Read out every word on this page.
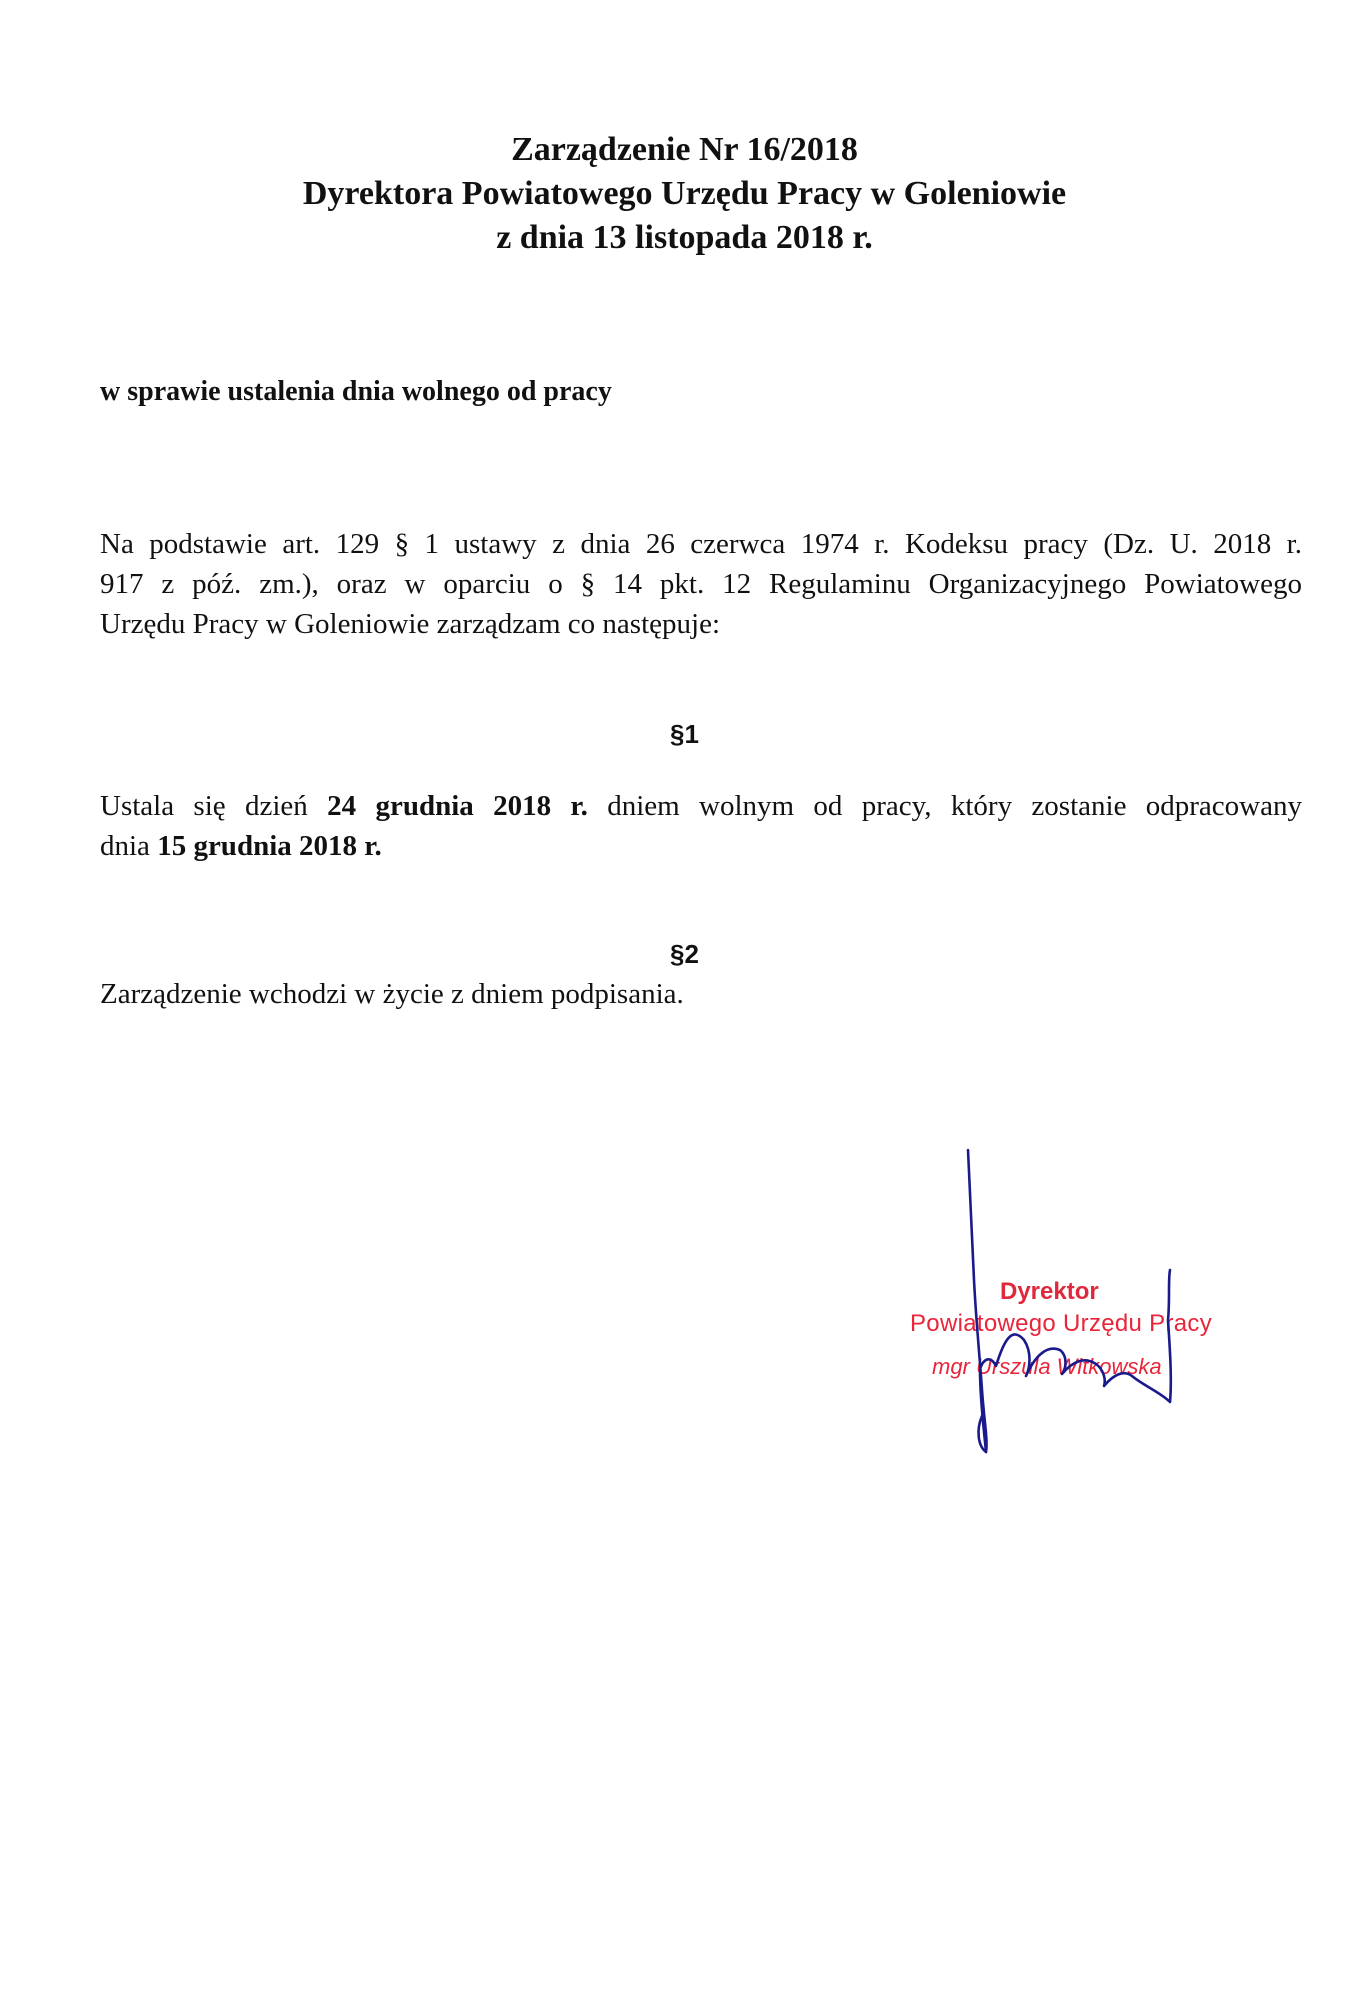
Zarządzenie Nr 16/2018
Dyrektora Powiatowego Urzędu Pracy w Goleniowie
z dnia 13 listopada 2018 r.
w sprawie ustalenia dnia wolnego od pracy
Na podstawie art. 129 § 1 ustawy z dnia 26 czerwca 1974 r. Kodeksu pracy (Dz. U. 2018 r.
917 z póź. zm.), oraz w oparciu o § 14 pkt. 12 Regulaminu Organizacyjnego Powiatowego
Urzędu Pracy w Goleniowie zarządzam co następuje:
§1
Ustala się dzień 24 grudnia 2018 r. dniem wolnym od pracy, który zostanie odpracowany
dnia 15 grudnia 2018 r.
§2
Zarządzenie wchodzi w życie z dniem podpisania.
Dyrektor
Powiatowego Urzędu Pracy
mgr Urszula Witkowska
